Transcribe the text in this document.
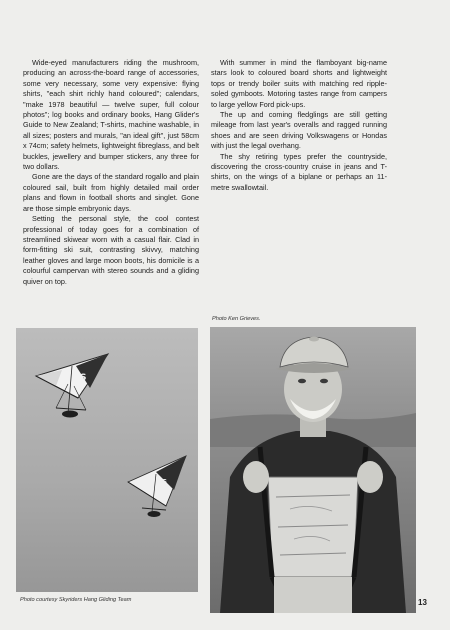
Wide-eyed manufacturers riding the mushroom, producing an across-the-board range of accessories, some very necessary, some very expensive: flying shirts, "each shirt richly hand coloured"; calendars, "make 1978 beautiful — twelve super, full colour photos"; log books and ordinary books, Hang Glider's Guide to New Zealand; T-shirts, machine washable, in all sizes; posters and murals, "an ideal gift", just 58cm x 74cm; safety helmets, lightweight fibreglass, and belt buckles, jewellery and bumper stickers, any three for two dollars.

Gone are the days of the standard rogallo and plain coloured sail, built from highly detailed mail order plans and flown in football shorts and singlet. Gone are those simple embryonic days.

Setting the personal style, the cool contest professional of today goes for a combination of streamlined skiwear worn with a casual flair. Clad in form-fitting ski suit, contrasting skivvy, matching leather gloves and large moon boots, his domicile is a colourful campervan with stereo sounds and a gliding quiver on top.

With summer in mind the flamboyant big-name stars look to coloured board shorts and lightweight tops or trendy boiler suits with matching red ripple-soled gymboots. Motoring tastes range from campers to large yellow Ford pick-ups.

The up and coming fledglings are still getting mileage from last year's overalls and ragged running shoes and are seen driving Volkswagens or Hondas with just the legal overhang.

The shy retiring types prefer the countryside, discovering the cross-country cruise in jeans and T-shirts, on the wings of a biplane or perhaps an 11-metre swallowtail.

Photo Ken Grieves.
S
S
Photo courtesy Skyriders Hang Gliding Team	13
